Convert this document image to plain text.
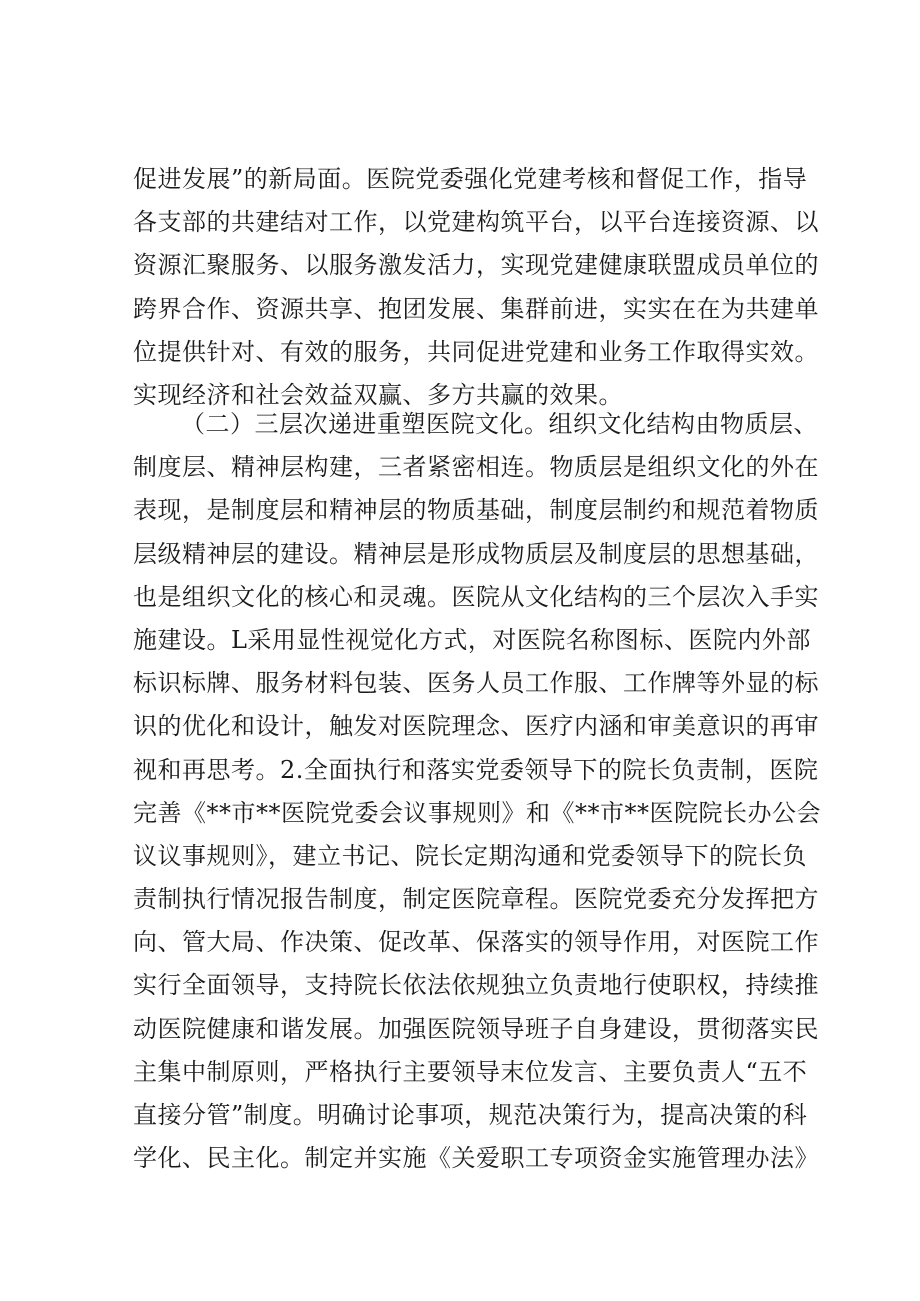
促进发展”的新局面。医院党委强化党建考核和督促工作，指导
各支部的共建结对工作，以党建构筑平台，以平台连接资源、以
资源汇聚服务、以服务激发活力，实现党建健康联盟成员单位的
跨界合作、资源共享、抱团发展、集群前进，实实在在为共建单
位提供针对、有效的服务，共同促进党建和业务工作取得实效。
实现经济和社会效益双赢、多方共赢的效果。
（二）三层次递进重塑医院文化。组织文化结构由物质层、
制度层、精神层构建，三者紧密相连。物质层是组织文化的外在
表现，是制度层和精神层的物质基础，制度层制约和规范着物质
层级精神层的建设。精神层是形成物质层及制度层的思想基础，
也是组织文化的核心和灵魂。医院从文化结构的三个层次入手实
施建设。L采用显性视觉化方式，对医院名称图标、医院内外部
标识标牌、服务材料包装、医务人员工作服、工作牌等外显的标
识的优化和设计，触发对医院理念、医疗内涵和审美意识的再审
视和再思考。2.全面执行和落实党委领导下的院长负责制，医院
完善《**市**医院党委会议事规则》和《**市**医院院长办公会
议议事规则》，建立书记、院长定期沟通和党委领导下的院长负
责制执行情况报告制度，制定医院章程。医院党委充分发挥把方
向、管大局、作决策、促改革、保落实的领导作用，对医院工作
实行全面领导，支持院长依法依规独立负责地行使职权，持续推
动医院健康和谐发展。加强医院领导班子自身建设，贯彻落实民
主集中制原则，严格执行主要领导末位发言、主要负责人“五不
直接分管”制度。明确讨论事项，规范决策行为，提高决策的科
学化、民主化。制定并实施《关爱职工专项资金实施管理办法》
